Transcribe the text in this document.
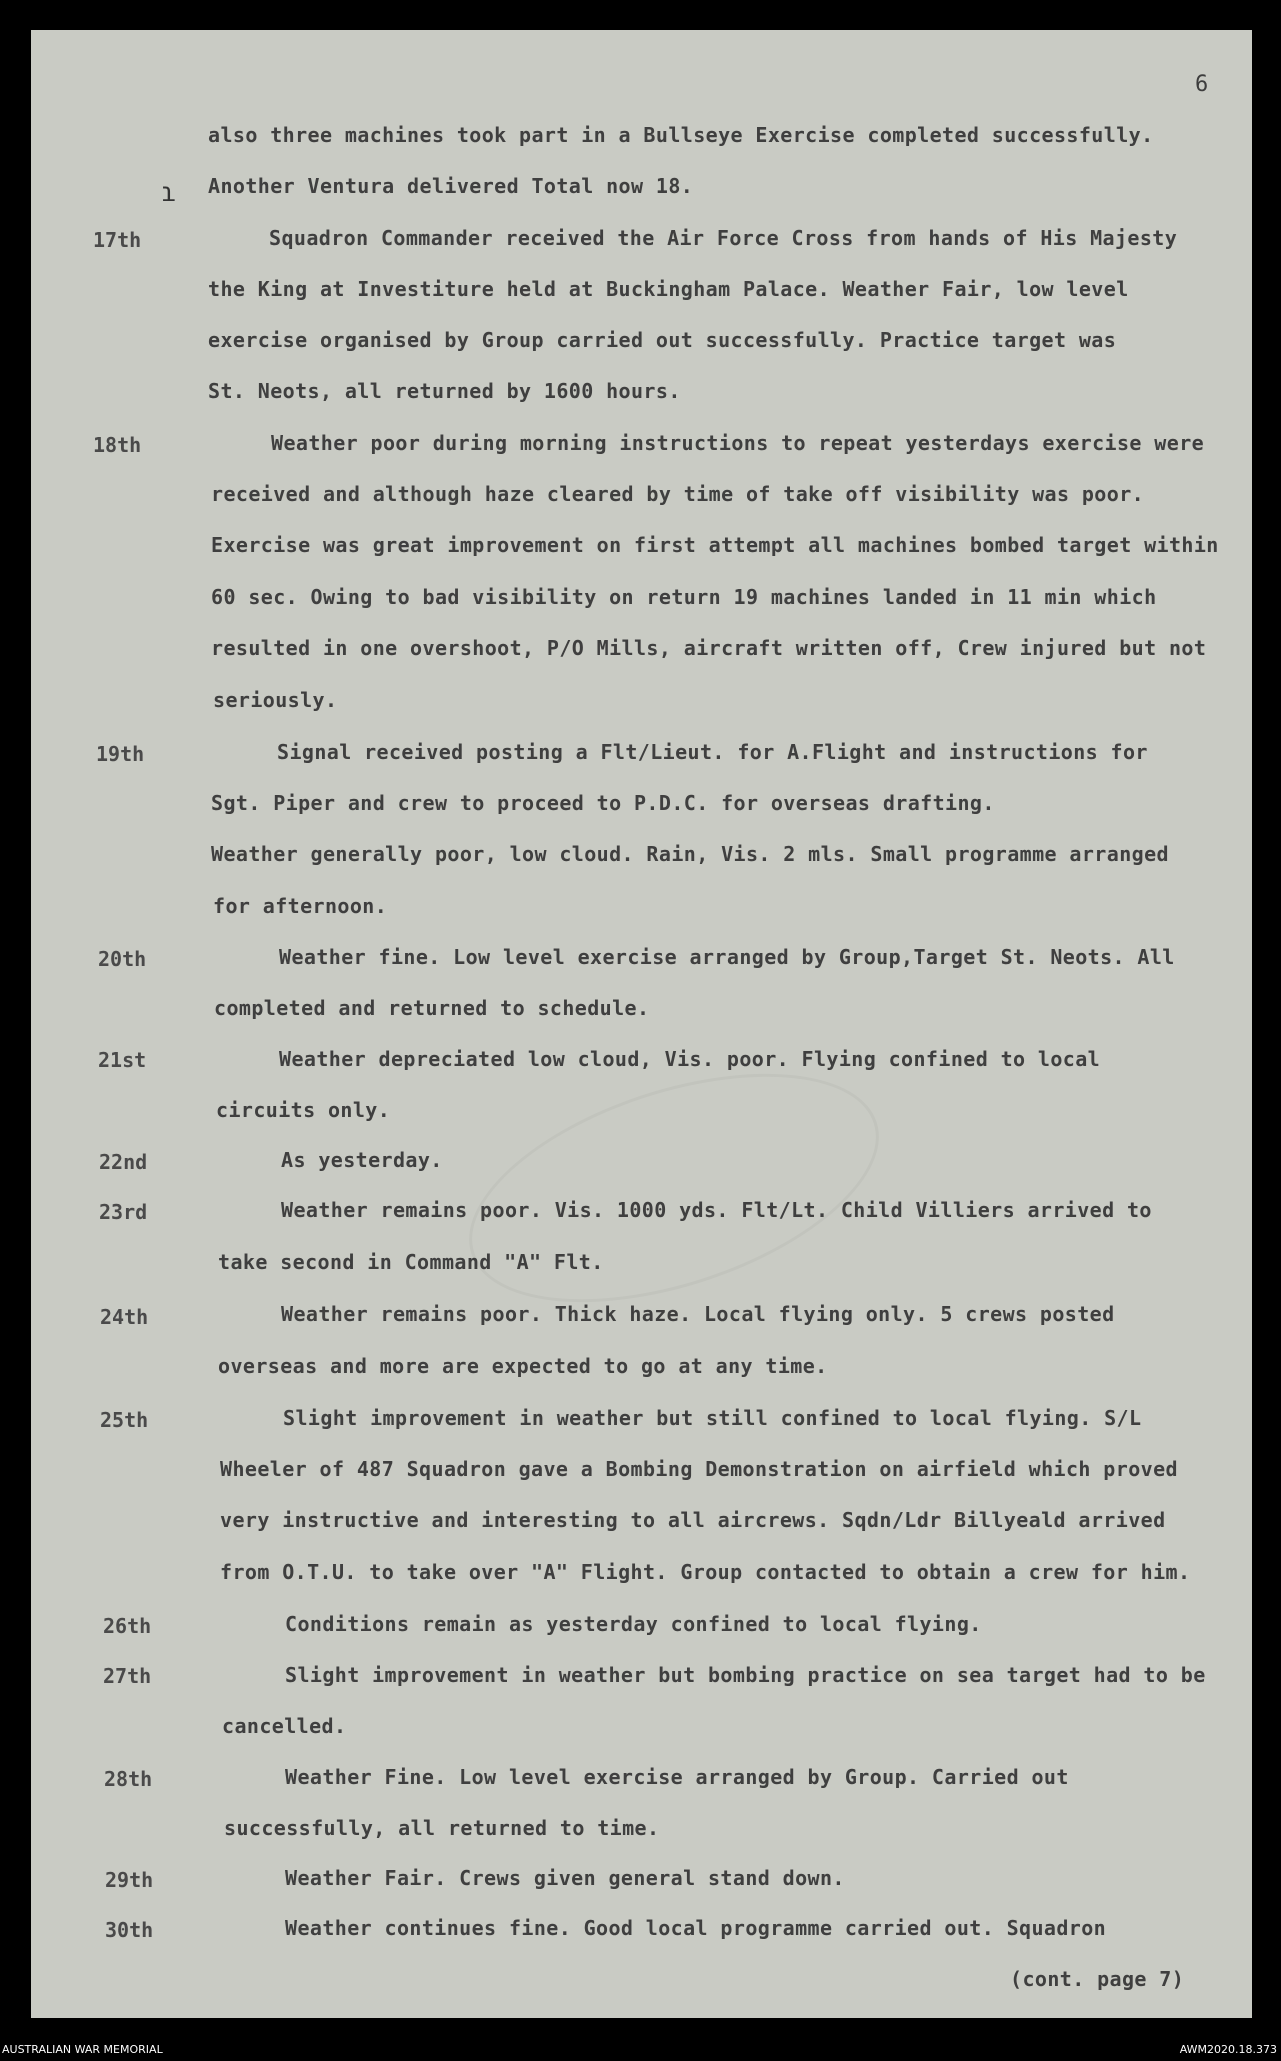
6
ɿ
17th
18th
19th
20th
21st
22nd
23rd
24th
25th
26th
27th
28th
29th
30th
also three machines took part in a Bullseye Exercise completed successfully.
Another Ventura delivered Total now 18.
Squadron Commander received the Air Force Cross from hands of His Majesty
the King at Investiture held at Buckingham Palace. Weather Fair, low level
exercise organised by Group carried out successfully. Practice target was
St. Neots, all returned by 1600 hours.
Weather poor during morning instructions to repeat yesterdays exercise were
received and although haze cleared by time of take off visibility was poor.
Exercise was great improvement on first attempt all machines bombed target within
60 sec. Owing to bad visibility on return 19 machines landed in 11 min which
resulted in one overshoot, P/O Mills, aircraft written off, Crew injured but not
seriously.
Signal received posting a Flt/Lieut. for A.Flight and instructions for
Sgt. Piper and crew to proceed to P.D.C. for overseas drafting.
Weather generally poor, low cloud. Rain, Vis. 2 mls. Small programme arranged
for afternoon.
Weather fine. Low level exercise arranged by Group,Target St. Neots. All
completed and returned to schedule.
Weather depreciated low cloud, Vis. poor. Flying confined to local
circuits only.
As yesterday.
Weather remains poor. Vis. 1000 yds. Flt/Lt. Child Villiers arrived to
take second in Command "A" Flt.
Weather remains poor. Thick haze. Local flying only. 5 crews posted
overseas and more are expected to go at any time.
Slight improvement in weather but still confined to local flying. S/L
Wheeler of 487 Squadron gave a Bombing Demonstration on airfield which proved
very instructive and interesting to all aircrews. Sqdn/Ldr Billyeald arrived
from O.T.U. to take over "A" Flight. Group contacted to obtain a crew for him.
Conditions remain as yesterday confined to local flying.
Slight improvement in weather but bombing practice on sea target had to be
cancelled.
Weather Fine. Low level exercise arranged by Group. Carried out
successfully, all returned to time.
Weather Fair. Crews given general stand down.
Weather continues fine. Good local programme carried out. Squadron
(cont. page 7)
AUSTRALIAN WAR MEMORIAL	AWM2020.18.373
